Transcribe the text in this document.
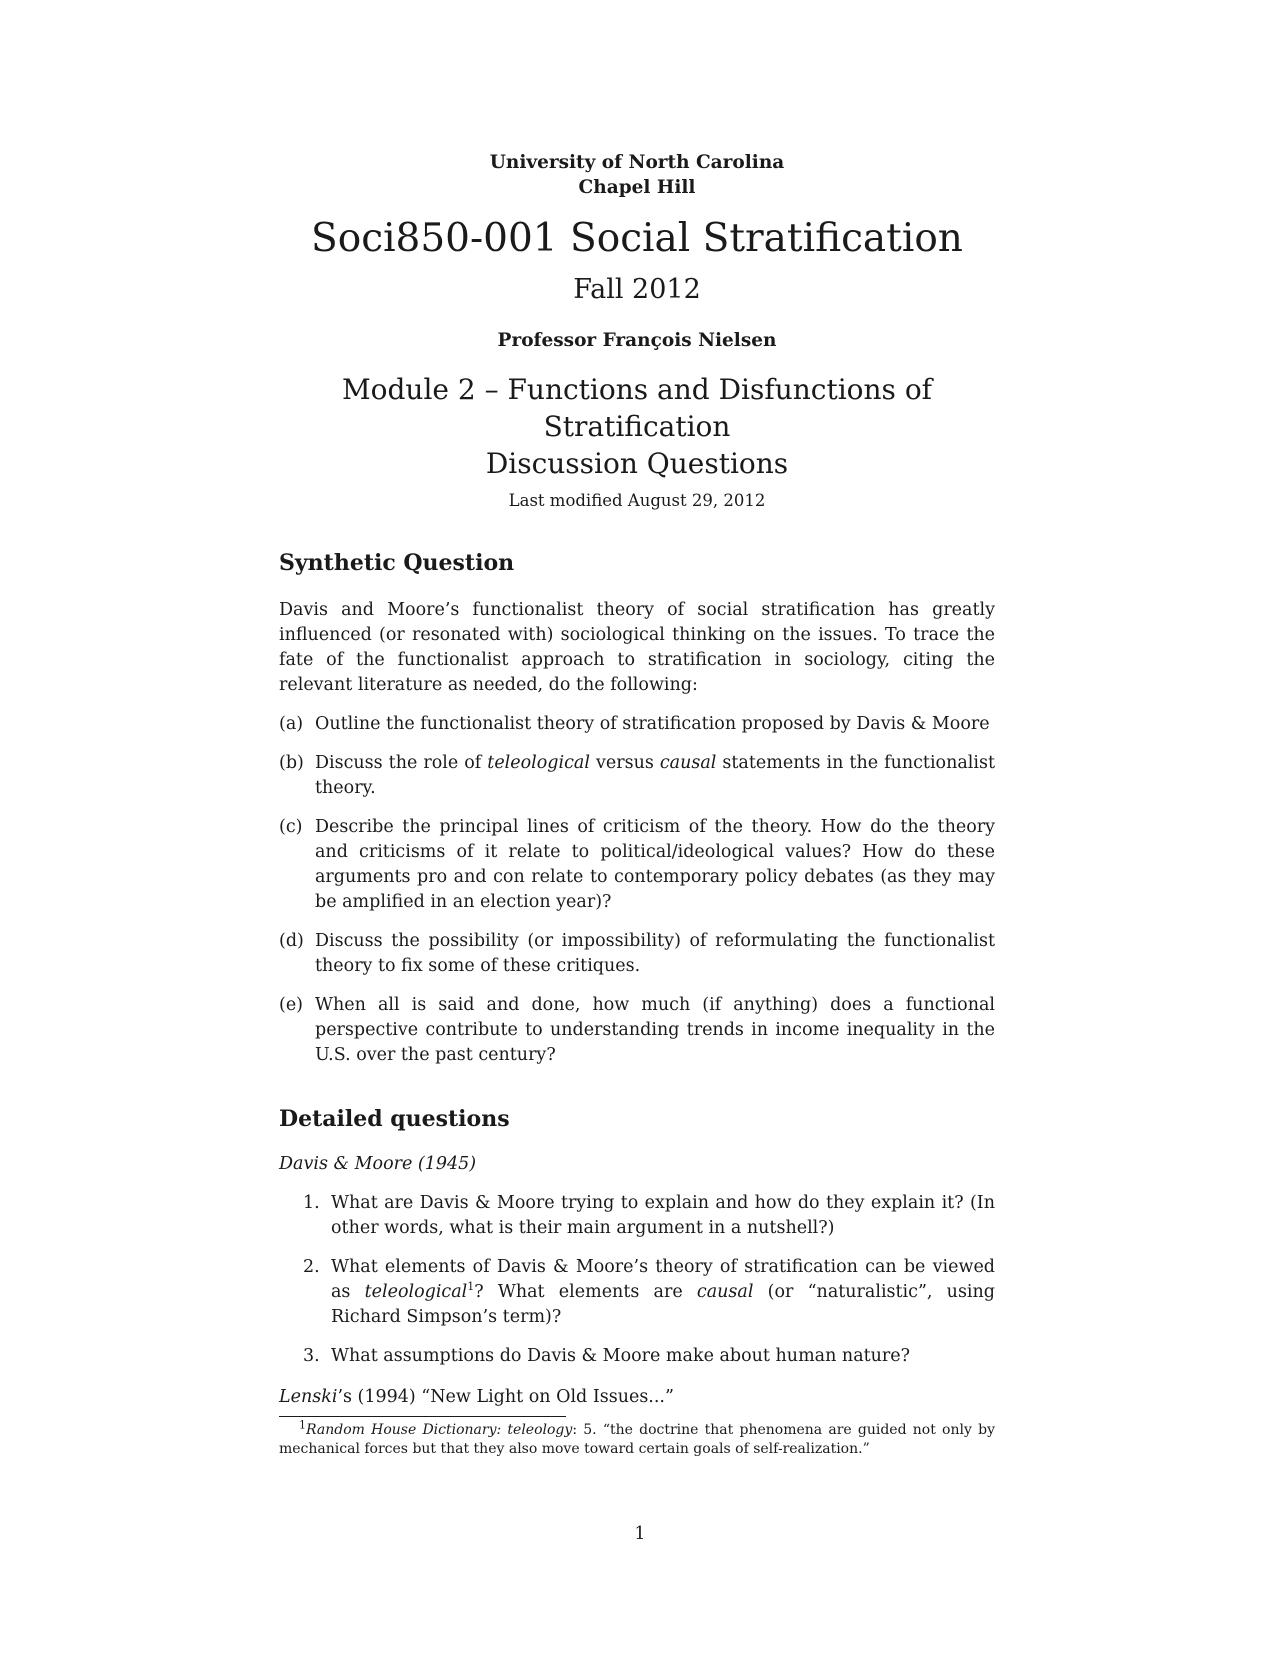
University of North Carolina

Chapel Hill

Soci850-001 Social Stratification

Fall 2012

Professor François Nielsen

Module 2 – Functions and Disfunctions of Stratification
Discussion Questions

Last modified August 29, 2012

Synthetic Question

Davis and Moore’s functionalist theory of social stratification has greatly influenced (or resonated with) sociological thinking on the issues. To trace the fate of the functionalist approach to stratification in sociology, citing the relevant literature as needed, do the following:

(a) Outline the functionalist theory of stratification proposed by Davis & Moore
(b) Discuss the role of teleological versus causal statements in the functionalist theory.
(c) Describe the principal lines of criticism of the theory. How do the theory and criticisms of it relate to political/ideological values? How do these arguments pro and con relate to contemporary policy debates (as they may be amplified in an election year)?
(d) Discuss the possibility (or impossibility) of reformulating the functionalist theory to fix some of these critiques.
(e) When all is said and done, how much (if anything) does a functional perspective contribute to understanding trends in income inequality in the U.S. over the past century?
Detailed questions

Davis & Moore (1945)

1. What are Davis & Moore trying to explain and how do they explain it? (In other words, what is their main argument in a nutshell?)
2. What elements of Davis & Moore’s theory of stratification can be viewed as teleological$^1$? What elements are causal (or “naturalistic”, using Richard Simpson’s term)?
3. What assumptions do Davis & Moore make about human nature?

Lenski’s (1994) “New Light on Old Issues...”

$^1$Random House Dictionary: teleology: 5. “the doctrine that phenomena are guided not only by mechanical forces but that they also move toward certain goals of self-realization.”

1
